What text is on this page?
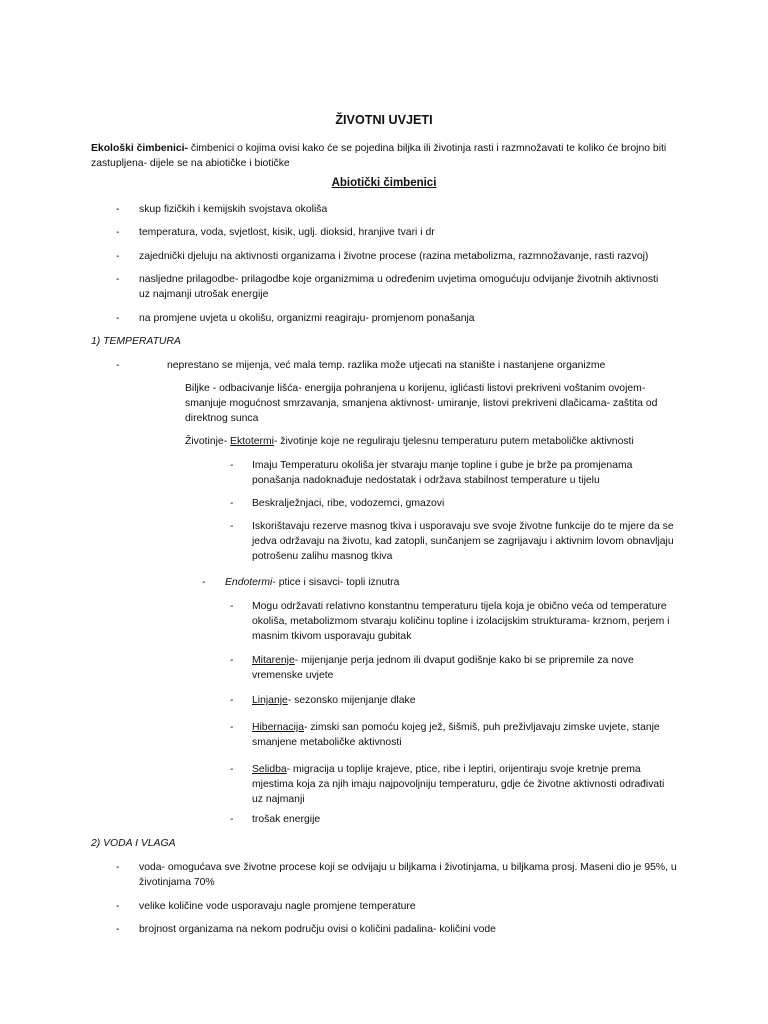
ŽIVOTNI UVJETI
Ekološki čimbenici- čimbenici o kojima ovisi kako će se pojedina biljka ili životinja rasti i razmnožavati te koliko će brojno biti zastupljena- dijele se na abiotičke i biotičke
Abiotički čimbenici
- skup fizičkih i kemijskih svojstava okoliša
- temperatura, voda, svjetlost, kisik, uglj. dioksid, hranjive tvari i dr
- zajednički djeluju na aktivnosti organizama i životne procese (razina metabolizma, razmnožavanje, rasti razvoj)
- nasljedne prilagodbe- prilagodbe koje organizmima u određenim uvjetima omogućuju odvijanje životnih aktivnosti uz najmanji utrošak energije
- na promjene uvjeta u okolišu, organizmi reagiraju- promjenom ponašanja
1) TEMPERATURA
-	neprestano se mijenja, već mala temp. razlika može utjecati na stanište i nastanjene organizme
Biljke - odbacivanje lišća- energija pohranjena u korijenu, iglićasti listovi prekriveni voštanim ovojem- smanjuje mogućnost smrzavanja, smanjena aktivnost- umiranje, listovi prekriveni dlačicama- zaštita od direktnog sunca
Životinje- Ektotermi- životinje koje ne reguliraju tjelesnu temperaturu putem metaboličke aktivnosti
- Imaju Temperaturu okoliša jer stvaraju manje topline i gube je brže pa promjenama ponašanja nadoknađuje nedostatak i održava stabilnost temperature u tijelu
- Beskralježnjaci, ribe, vodozemci, gmazovi
- Iskorištavaju rezerve masnog tkiva i usporavaju sve svoje životne funkcije do te mjere da se jedva održavaju na životu, kad zatopli, sunčanjem se zagrijavaju i aktivnim lovom obnavljaju potrošenu zalihu masnog tkiva
- Endotermi- ptice i sisavci- topli iznutra
- Mogu održavati relativno konstantnu temperaturu tijela koja je obično veća od temperature okoliša, metabolizmom stvaraju količinu topline i izolacijskim strukturama- krznom, perjem i masnim tkivom usporavaju gubitak
- Mitarenje- mijenjanje perja jednom ili dvaput godišnje kako bi se pripremile za nove vremenske uvjete
- Linjanje- sezonsko mijenjanje dlake
- Hibernacija- zimski san pomoću kojeg jež, šišmiš, puh preživljavaju zimske uvjete, stanje smanjene metaboličke aktivnosti
- Selidba- migracija u toplije krajeve, ptice, ribe i leptiri, orijentiraju svoje kretnje prema mjestima koja za njih imaju najpovoljniju temperaturu, gdje će životne aktivnosti odrađivati uz najmanji
- trošak energije
2) VODA I VLAGA
- voda- omogućava sve životne procese koji se odvijaju u biljkama i životinjama, u biljkama prosj. Maseni dio je 95%, u životinjama 70%
- velike količine vode usporavaju nagle promjene temperature
- brojnost organizama na nekom području ovisi o količini padalina- količini vode
